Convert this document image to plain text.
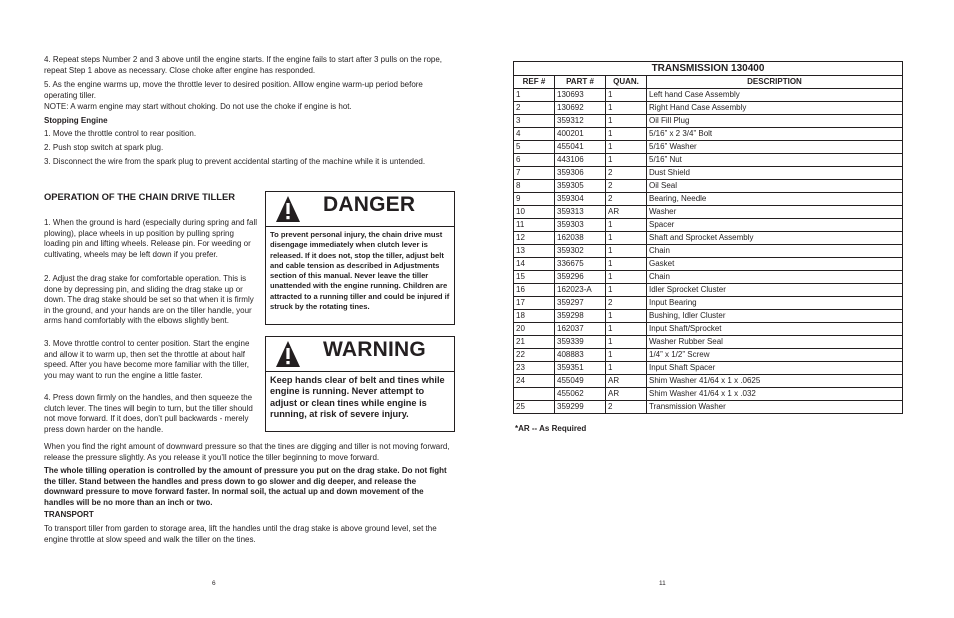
4. Repeat steps Number 2 and 3 above until the engine starts. If the engine fails to start after 3 pulls on the rope, repeat Step 1 above as necessary. Close choke after engine has responded.

5. As the engine warms up, move the throttle lever to desired position. Alllow engine warm-up period before operating tiller.

NOTE: A warm engine may start without choking. Do not use the choke if engine is hot.

Stopping Engine

1. Move the throttle control to rear position.

2. Push stop switch at spark plug.

3. Disconnect the wire from the spark plug to prevent accidental starting of the machine while it is untended.

OPERATION OF THE CHAIN DRIVE TILLER

1. When the ground is hard (especially during spring and fall plowing), place wheels in up position by pulling spring loading pin and lifting wheels. Release pin. For weeding or cultivating, wheels may be left down if you prefer.

2. Adjust the drag stake for comfortable operation. This is done by depressing pin, and sliding the drag stake up or down. The drag stake should be set so that when it is firmly in the ground, and your hands are on the tiller handle, your arms hand comfortably with the elbows slightly bent.

3. Move throttle control to center position. Start the engine and allow it to warm up, then set the throttle at about half speed. After you have become more familiar with the tiller, you may want to run the engine a little faster.

4. Press down firmly on the handles, and then squeeze the clutch lever. The tines will begin to turn, but the tiller should not move forward. If it does, don’t pull backwards - merely press down harder on the handle.

DANGER
To prevent personal injury, the chain drive must disengage immediately when clutch lever is released. If it does not, stop the tiller, adjust belt and cable tension as described in Adjustments section of this manual. Never leave the tiller unattended with the engine running. Children are attracted to a running tiller and could be injured if struck by the rotating tines.
WARNING
Keep hands clear of belt and tines while engine is running. Never attempt to adjust or clean tines while engine is running, at risk of severe injury.

When you find the right amount of downward pressure so that the tines are digging and tiller is not moving forward, release the pressure slightly. As you release it you’ll notice the tiller beginning to move forward.

The whole tilling operation is controlled by the amount of pressure you put on the drag stake. Do not fight the tiller. Stand between the handles and press down to go slower and dig deeper, and release the downward pressure to move forward faster. In normal soil, the actual up and down movement of the handles will be no more than an inch or two.

TRANSPORT

To transport tiller from garden to storage area, lift the handles until the drag stake is above ground level, set the engine throttle at slow speed and walk the tiller on the tines.

6
TRANSMISSION 130400			
REF #	PART #	QUAN.	DESCRIPTION
1	130693	1	Left hand Case Assembly
2	130692	1	Right Hand Case Assembly
3	359312	1	Oil Fill Plug
4	400201	1	5/16” x 2 3/4” Bolt
5	455041	1	5/16” Washer
6	443106	1	5/16” Nut
7	359306	2	Dust Shield
8	359305	2	Oil Seal
9	359304	2	Bearing, Needle
10	359313	AR	Washer
11	359303	1	Spacer
12	162038	1	Shaft and Sprocket Assembly
13	359302	1	Chain
14	336675	1	Gasket
15	359296	1	Chain
16	162023-A	1	Idler Sprocket Cluster
17	359297	2	Input Bearing
18	359298	1	Bushing, Idler Cluster
20	162037	1	Input Shaft/Sprocket
21	359339	1	Washer Rubber Seal
22	408883	1	1/4” x 1/2” Screw
23	359351	1	Input Shaft Spacer
24	455049	AR	Shim Washer 41/64 x 1 x .0625
	455062	AR	Shim Washer 41/64 x 1 x .032
25	359299	2	Transmission Washer

*AR -- As Required

11
